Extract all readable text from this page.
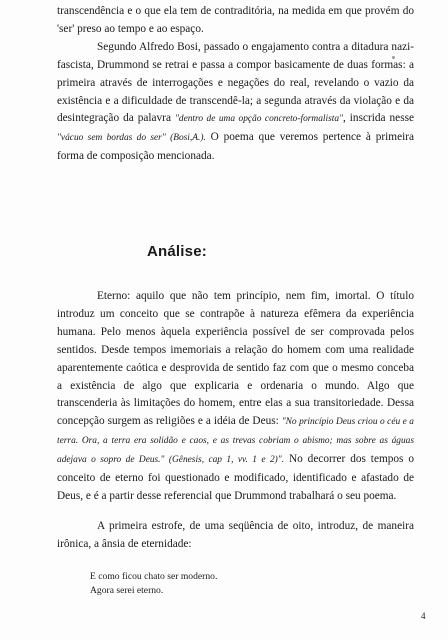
transcendência e o que ela tem de contraditória, na medida em que provém do 'ser' preso ao tempo e ao espaço.

Segundo Alfredo Bosi, passado o engajamento contra a ditadura nazi-fascista, Drummond se retrai e passa a compor basicamente de duas formas: a primeira através de interrogações e negações do real, revelando o vazio da existência e a dificuldade de transcendê-la; a segunda através da violação e da desintegração da palavra "dentro de uma opção concreto-formalista", inscrida nesse "vácuo sem bordas do ser" (Bosi,A.). O poema que veremos pertence à primeira forma de composição mencionada.

Análise:

Eterno: aquilo que não tem princípio, nem fim, imortal. O título introduz um conceito que se contrapõe à natureza efêmera da experiência humana. Pelo menos àquela experiência possível de ser comprovada pelos sentidos. Desde tempos imemoriais a relação do homem com uma realidade aparentemente caótica e desprovida de sentido faz com que o mesmo conceba a existência de algo que explicaria e ordenaria o mundo. Algo que transcenderia às limitações do homem, entre elas a sua transitoriedade. Dessa concepção surgem as religiões e a idéia de Deus: "No princípio Deus criou o céu e a terra. Ora, a terra era solidão e caos, e as trevas cobriam o abismo; mas sobre as águas adejava o sopro de Deus." (Gênesis, cap 1, vv. 1 e 2)". No decorrer dos tempos o conceito de eterno foi questionado e modificado, identificado e afastado de Deus, e é a partir desse referencial que Drummond trabalhará o seu poema.

A primeira estrofe, de uma seqüência de oito, introduz, de maneira irônica, a ânsia de eternidade:

E como ficou chato ser moderno.
Agora serei eterno.
4
